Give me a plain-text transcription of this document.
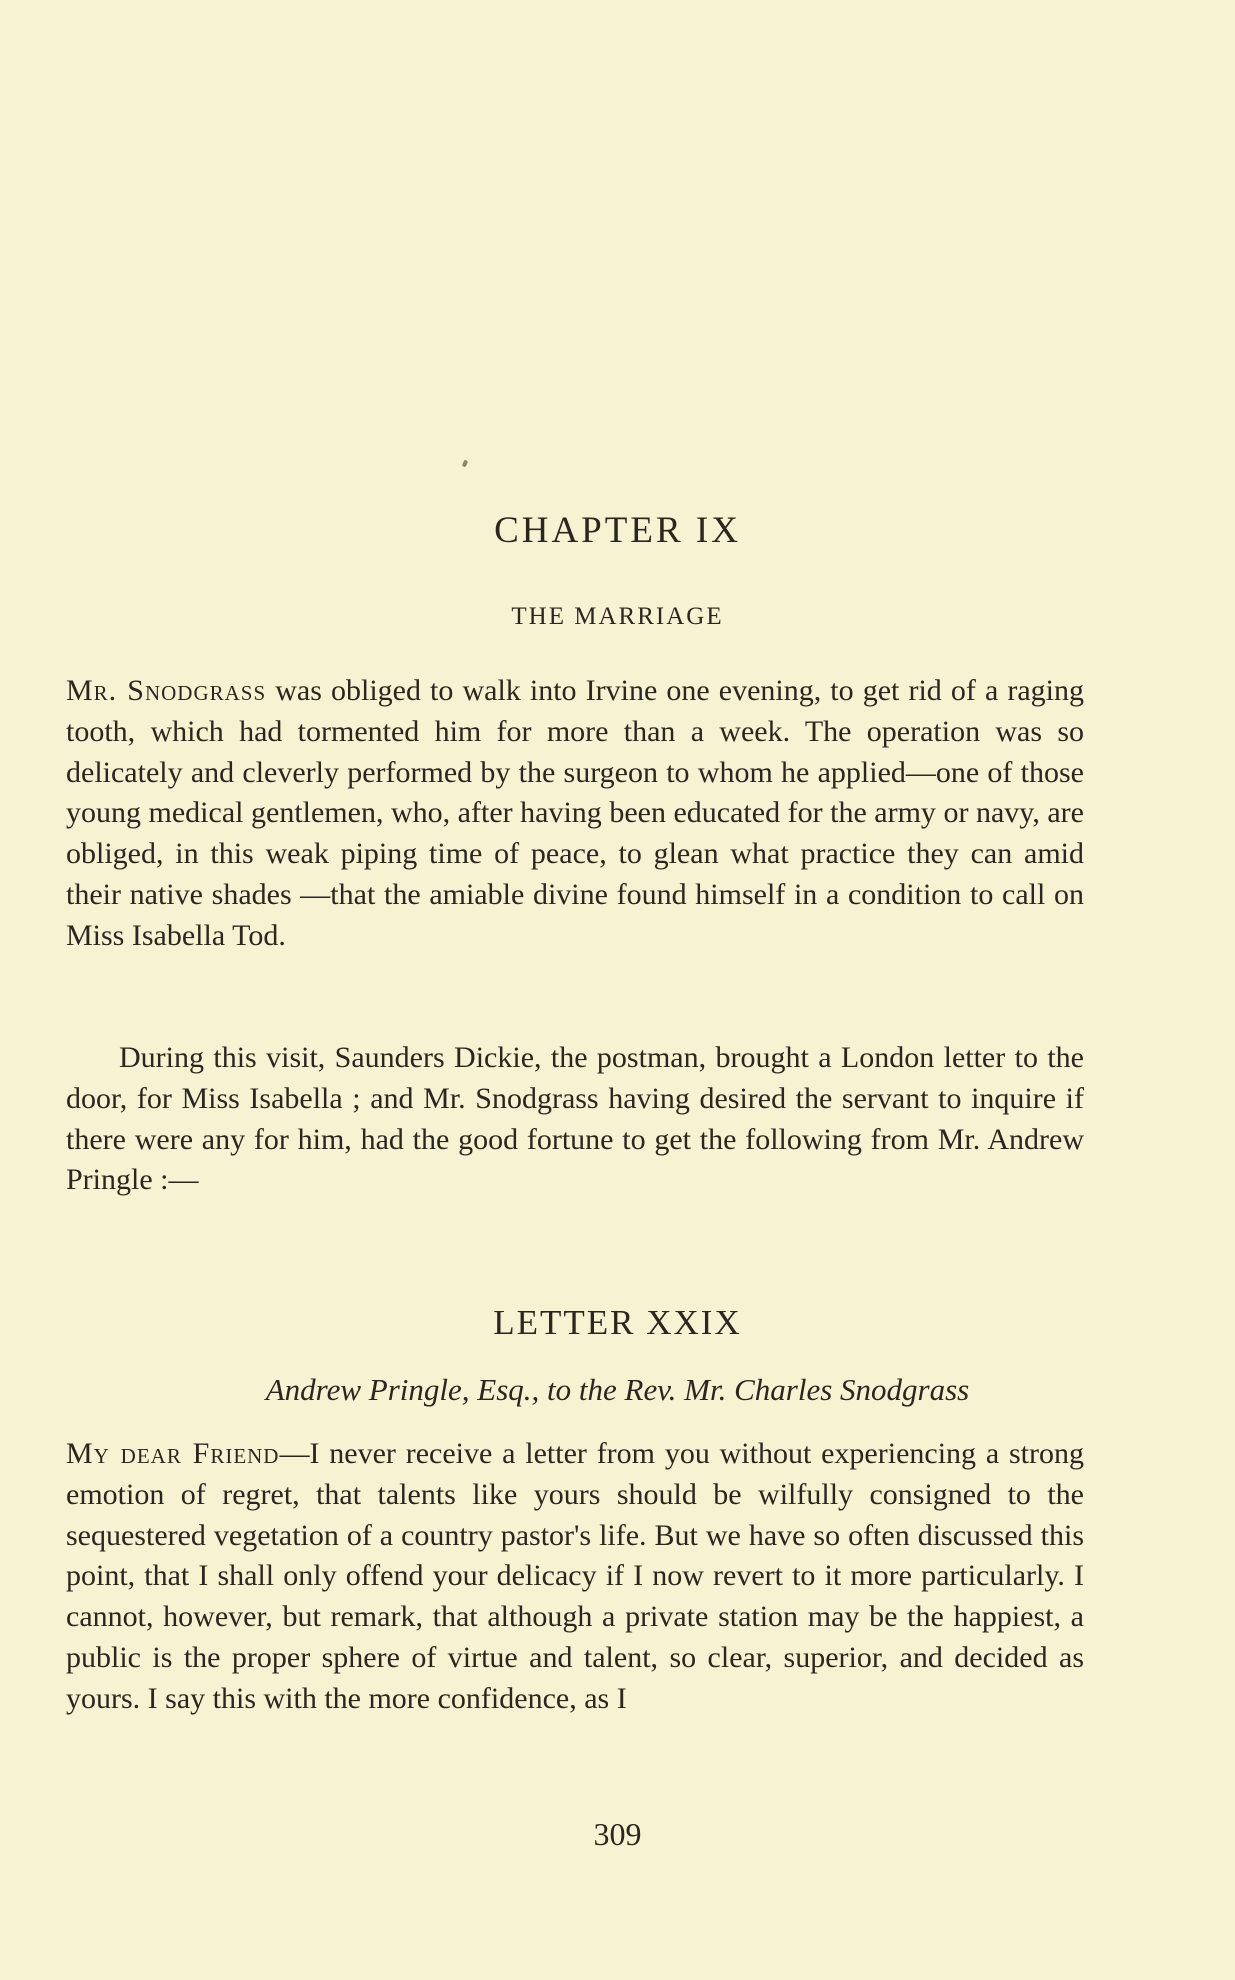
CHAPTER IX
THE MARRIAGE
Mr. Snodgrass was obliged to walk into Irvine one evening, to get rid of a raging tooth, which had tormented him for more than a week. The operation was so delicately and cleverly performed by the surgeon to whom he applied—one of those young medical gentlemen, who, after having been educated for the army or navy, are obliged, in this weak piping time of peace, to glean what practice they can amid their native shades —that the amiable divine found himself in a condition to call on Miss Isabella Tod.
During this visit, Saunders Dickie, the postman, brought a London letter to the door, for Miss Isabella ; and Mr. Snodgrass having desired the servant to inquire if there were any for him, had the good fortune to get the following from Mr. Andrew Pringle :—
LETTER XXIX
Andrew Pringle, Esq., to the Rev. Mr. Charles Snodgrass
My dear Friend—I never receive a letter from you without experiencing a strong emotion of regret, that talents like yours should be wilfully consigned to the sequestered vegetation of a country pastor's life. But we have so often discussed this point, that I shall only offend your delicacy if I now revert to it more particularly. I cannot, however, but remark, that although a private station may be the happiest, a public is the proper sphere of virtue and talent, so clear, superior, and decided as yours. I say this with the more confidence, as I
309
